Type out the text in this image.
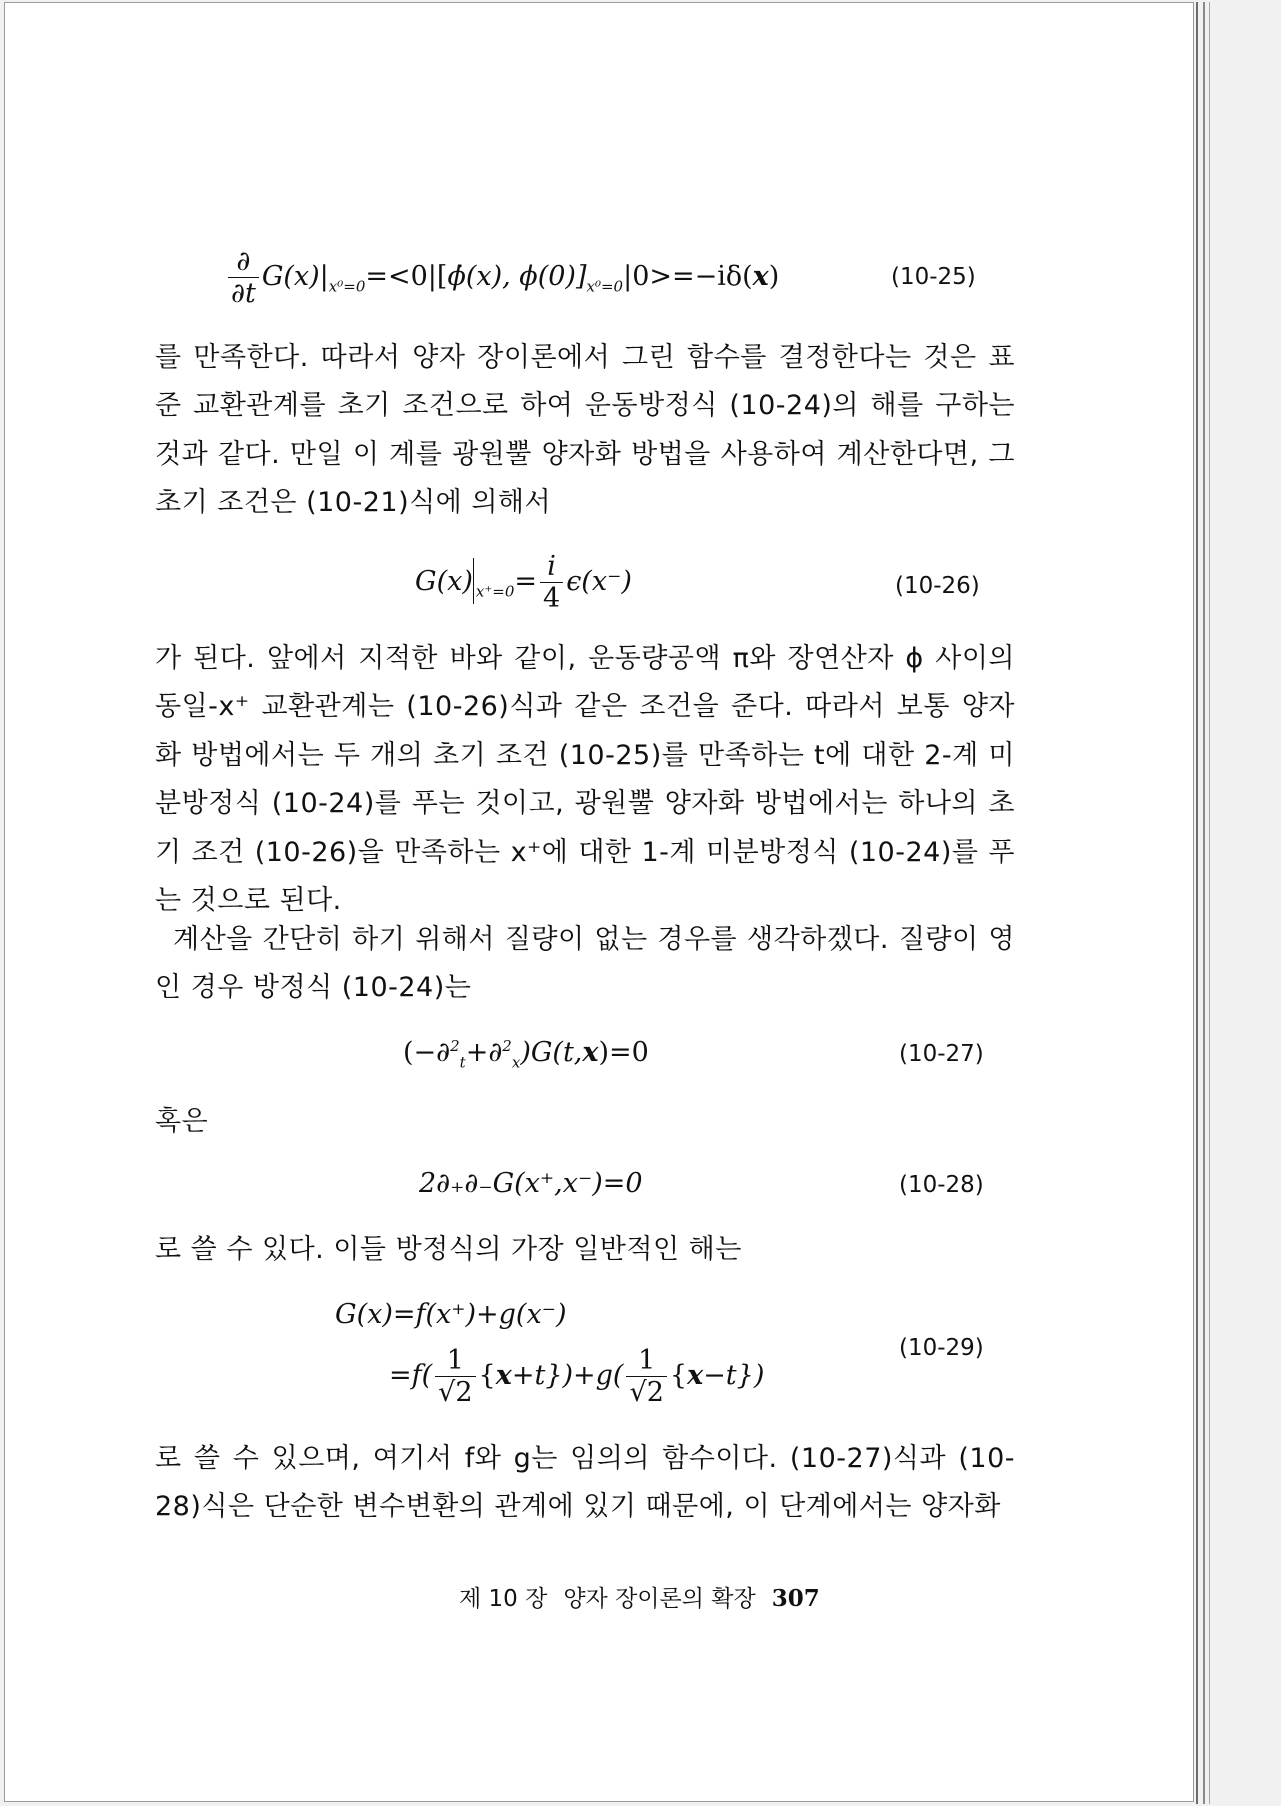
$\frac{\partial}{\partial t}$ $G(x)|_{x^0=0}=<0|[\phi̇(x)$, $\phi(0)]_{x^0=0}|0>=-i\delta(x)$	(10-25)

를 만족한다. 따라서 양자 장이론에서 그린 함수를 결정한다는 것은 표준 교환관계를 초기 조건으로 하여 운동방정식 (10-24)의 해를 구하는 것과 같다. 만일 이 계를 광원뿔 양자화 방법을 사용하여 계산한다면, 그 초기 조건은 (10-21)식에 의해서

G(x) $_{x^+=0}= \frac{i}{4} \epsilon(x^-)$	(10-26)

가 된다. 앞에서 지적한 바와 같이, 운동량공액 π와 장연산자 ϕ 사이의 동일-x⁺ 교환관계는 (10-26)식과 같은 조건을 준다. 따라서 보통 양자화 방법에서는 두 개의 초기 조건 (10-25)를 만족하는 t에 대한 2-계 미분방정식 (10-24)를 푸는 것이고, 광원뿔 양자화 방법에서는 하나의 초기 조건 (10-26)을 만족하는 x⁺에 대한 1-계 미분방정식 (10-24)를 푸는 것으로 된다.

계산을 간단히 하기 위해서 질량이 없는 경우를 생각하겠다. 질량이 영인 경우 방정식 (10-24)는

(−∂$^2_t$+∂$^2_x$)G(t,x)=0	(10-27)

혹은

2∂₊∂₋G(x⁺,x⁻)=0	(10-28)

로 쓸 수 있다. 이들 방정식의 가장 일반적인 해는

G(x)=f(x⁺)+g(x⁻)
$=f( \frac{1}{√2} \{x+t\})+g( \frac{1}{√2} \{x-t\})$
(10-29)

로 쓸 수 있으며, 여기서 f와 g는 임의의 함수이다. (10-27)식과 (10-28)식은 단순한 변수변환의 관계에 있기 때문에, 이 단계에서는 양자화

제 10 장 양자 장이론의 확장 307
